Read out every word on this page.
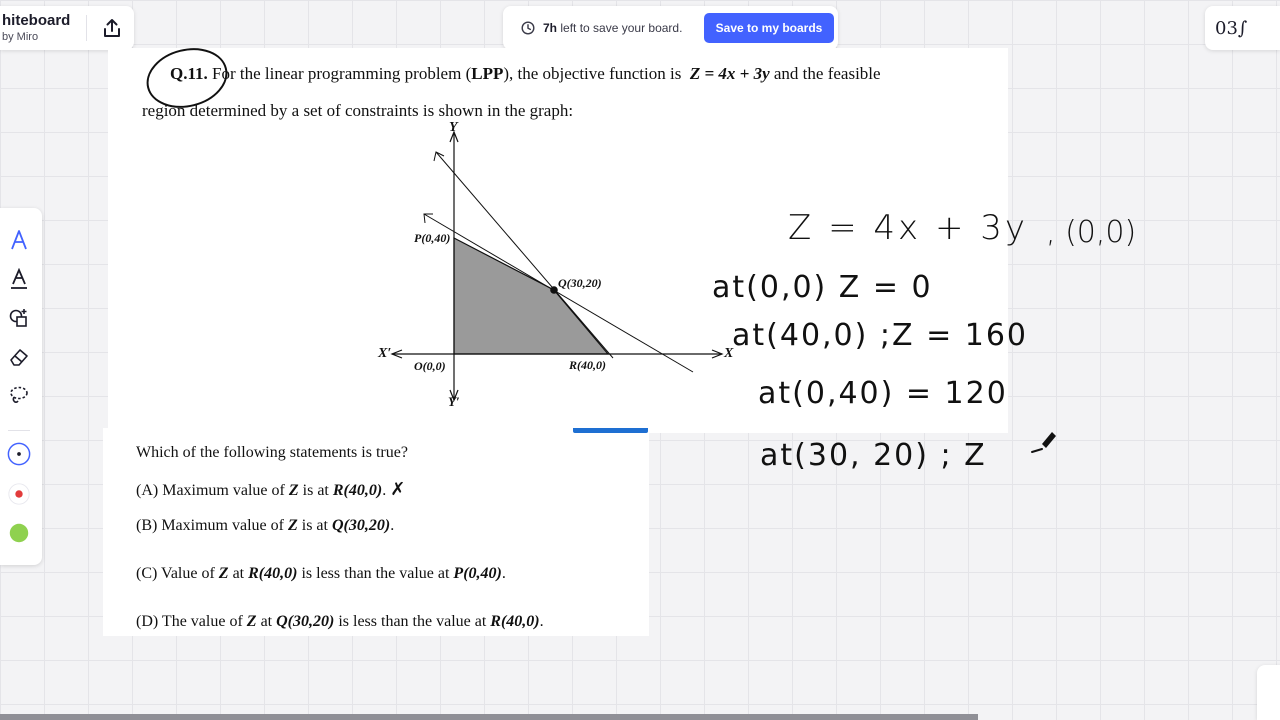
hiteboard
by Miro
7h left to save your board.	Save to my boards	03∫
Q.11. For the linear programming problem (LPP), the objective function is Z = 4x + 3y and the feasible
region determined by a set of constraints is shown in the graph:
Y
Y′
X
X′
P(0,40)
Q(30,20)
R(40,0)
O(0,0)
Which of the following statements is true?
(A) Maximum value of Z is at R(40,0). ✗
(B) Maximum value of Z is at Q(30,20).
(C) Value of Z at R(40,0) is less than the value at P(0,40).
(D) The value of Z at Q(30,20) is less than the value at R(40,0).
Z = 4x + 3y , (0,0)
at(0,0) Z = 0
at(40,0) ;Z = 160
at(0,40) = 120
at(30, 20) ; Z
